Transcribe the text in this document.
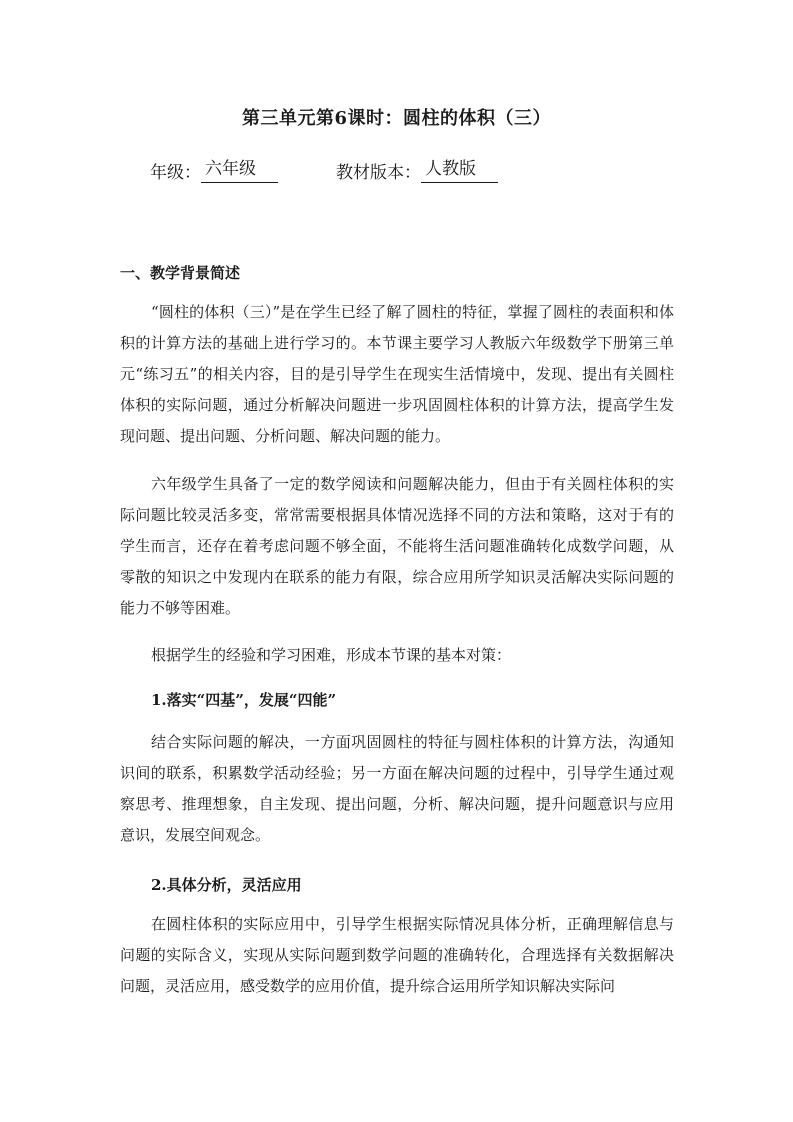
第三单元第6课时：圆柱的体积（三）
年级： 六年级	教材版本： 人教版
一、教学背景简述
“圆柱的体积（三）”是在学生已经了解了圆柱的特征，掌握了圆柱的表面积和体积的计算方法的基础上进行学习的。本节课主要学习人教版六年级数学下册第三单元“练习五”的相关内容，目的是引导学生在现实生活情境中，发现、提出有关圆柱体积的实际问题，通过分析解决问题进一步巩固圆柱体积的计算方法，提高学生发现问题、提出问题、分析问题、解决问题的能力。
六年级学生具备了一定的数学阅读和问题解决能力，但由于有关圆柱体积的实际问题比较灵活多变，常常需要根据具体情况选择不同的方法和策略，这对于有的学生而言，还存在着考虑问题不够全面，不能将生活问题准确转化成数学问题，从零散的知识之中发现内在联系的能力有限，综合应用所学知识灵活解决实际问题的能力不够等困难。
根据学生的经验和学习困难，形成本节课的基本对策：
1.落实“四基”，发展“四能”
结合实际问题的解决，一方面巩固圆柱的特征与圆柱体积的计算方法，沟通知识间的联系，积累数学活动经验；另一方面在解决问题的过程中，引导学生通过观察思考、推理想象，自主发现、提出问题，分析、解决问题，提升问题意识与应用意识，发展空间观念。
2.具体分析，灵活应用
在圆柱体积的实际应用中，引导学生根据实际情况具体分析，正确理解信息与问题的实际含义，实现从实际问题到数学问题的准确转化，合理选择有关数据解决问题，灵活应用，感受数学的应用价值，提升综合运用所学知识解决实际问
